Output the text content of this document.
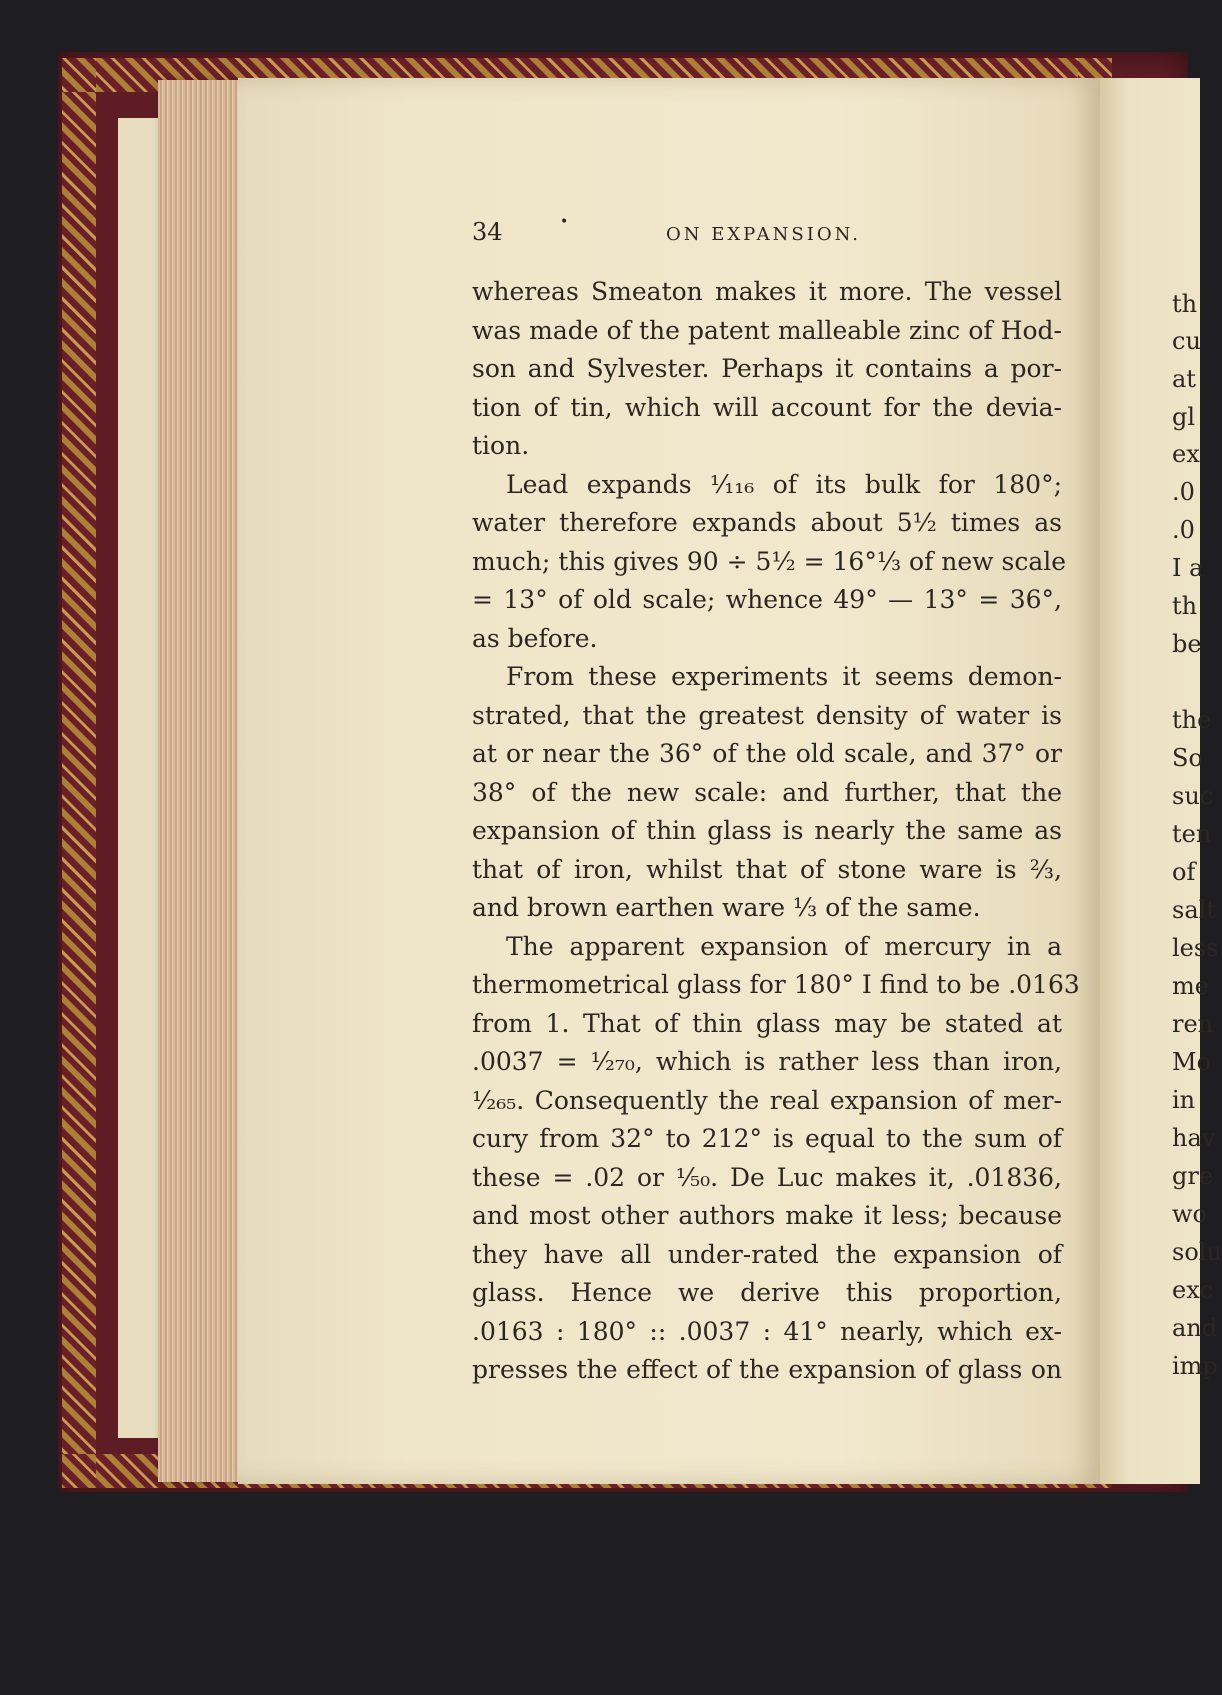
34	•
ON EXPANSION.
whereas Smeaton makes it more. The vessel
was made of the patent malleable zinc of Hod-
son and Sylvester. Perhaps it contains a por-
tion of tin, which will account for the devia-
tion.
Lead expands ¹⁄₁₁₆ of its bulk for 180°;
water therefore expands about 5½ times as
much; this gives 90 ÷ 5½ = 16°⅓ of new scale
= 13° of old scale; whence 49° — 13° = 36°,
as before.
From these experiments it seems demon-
strated, that the greatest density of water is
at or near the 36° of the old scale, and 37° or
38° of the new scale: and further, that the
expansion of thin glass is nearly the same as
that of iron, whilst that of stone ware is ⅔,
and brown earthen ware ⅓ of the same.
The apparent expansion of mercury in a
thermometrical glass for 180° I find to be .0163
from 1. That of thin glass may be stated at
.0037 = ¹⁄₂₇₀, which is rather less than iron,
¹⁄₂₆₅. Consequently the real expansion of mer-
cury from 32° to 212° is equal to the sum of
these = .02 or ¹⁄₅₀. De Luc makes it, .01836,
and most other authors make it less; because
they have all under-rated the expansion of
glass. Hence we derive this proportion,
.0163 : 180° :: .0037 : 41° nearly, which ex-
presses the effect of the expansion of glass on
th
cu
at
gl
ex
.0
.0
I a
th
be
the
So
suc
ten
of
salt
less
me
ren
Mo
in
hav
gre
wo
solu
exc
and
imp
